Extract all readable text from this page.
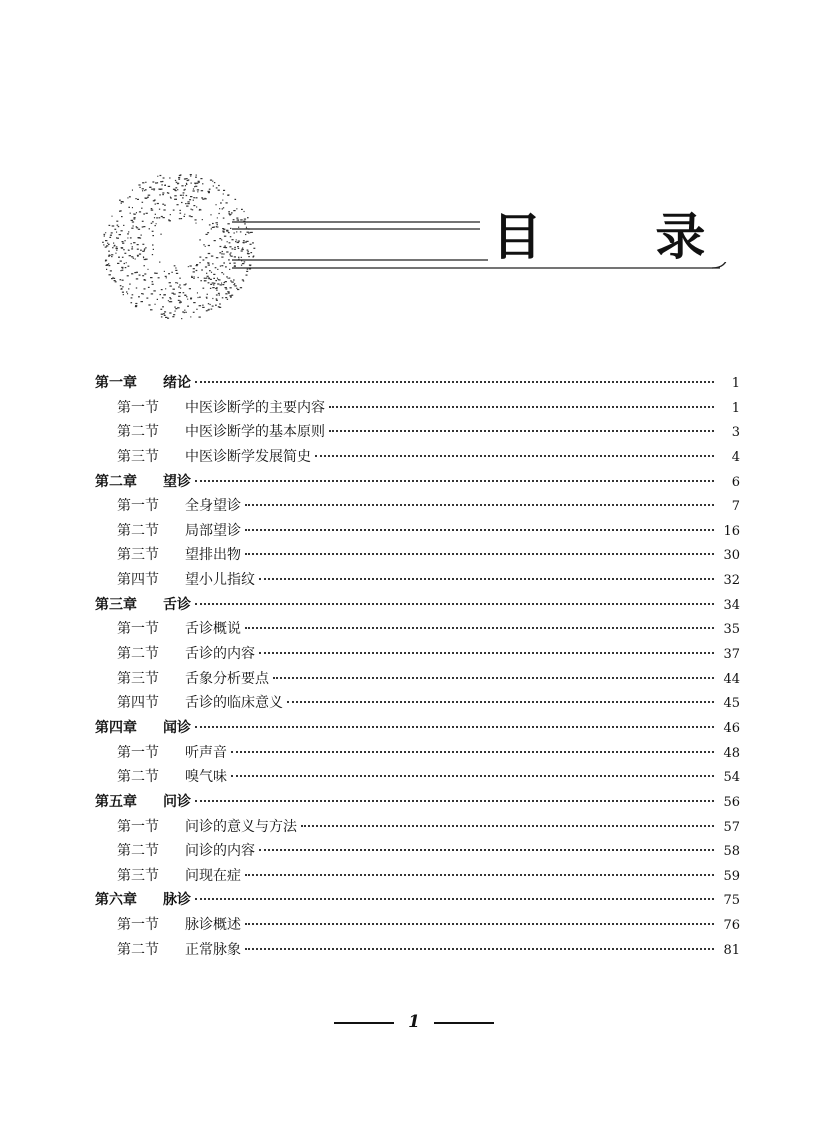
目 录
第一章	绪论	1
第一节	中医诊断学的主要内容	1
第二节	中医诊断学的基本原则	3
第三节	中医诊断学发展简史	4
第二章	望诊	6
第一节	全身望诊	7
第二节	局部望诊	16
第三节	望排出物	30
第四节	望小儿指纹	32
第三章	舌诊	34
第一节	舌诊概说	35
第二节	舌诊的内容	37
第三节	舌象分析要点	44
第四节	舌诊的临床意义	45
第四章	闻诊	46
第一节	听声音	48
第二节	嗅气味	54
第五章	问诊	56
第一节	问诊的意义与方法	57
第二节	问诊的内容	58
第三节	问现在症	59
第六章	脉诊	75
第一节	脉诊概述	76
第二节	正常脉象	81
1
